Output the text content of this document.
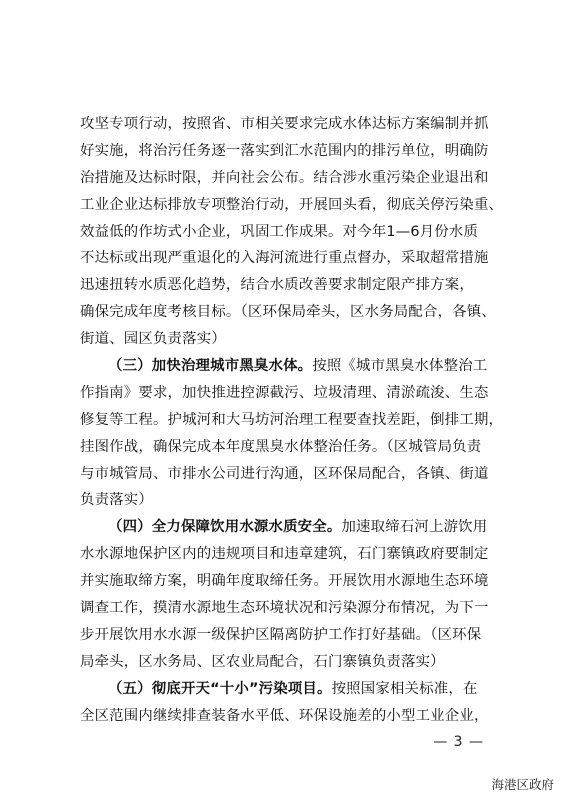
攻坚专项行动，按照省、市相关要求完成水体达标方案编制并抓
好实施，将治污任务逐一落实到汇水范围内的排污单位，明确防
治措施及达标时限，并向社会公布。结合涉水重污染企业退出和
工业企业达标排放专项整治行动，开展回头看，彻底关停污染重、
效益低的作坊式小企业，巩固工作成果。对今年1—6月份水质
不达标或出现严重退化的入海河流进行重点督办，采取超常措施
迅速扭转水质恶化趋势，结合水质改善要求制定限产排方案，
确保完成年度考核目标。（区环保局牵头，区水务局配合，各镇、
街道、园区负责落实）
（三）加快治理城市黑臭水体。按照《城市黑臭水体整治工
作指南》要求，加快推进控源截污、垃圾清理、清淤疏浚、生态
修复等工程。护城河和大马坊河治理工程要查找差距，倒排工期，
挂图作战，确保完成本年度黑臭水体整治任务。（区城管局负责
与市城管局、市排水公司进行沟通，区环保局配合，各镇、街道
负责落实）
（四）全力保障饮用水源水质安全。加速取缔石河上游饮用
水水源地保护区内的违规项目和违章建筑，石门寨镇政府要制定
并实施取缔方案，明确年度取缔任务。开展饮用水源地生态环境
调查工作，摸清水源地生态环境状况和污染源分布情况，为下一
步开展饮用水水源一级保护区隔离防护工作打好基础。（区环保
局牵头，区水务局、区农业局配合，石门寨镇负责落实）
（五）彻底开天“十小”污染项目。按照国家相关标准，在
全区范围内继续排查装备水平低、环保设施差的小型工业企业，
— 3 —
海港区政府
